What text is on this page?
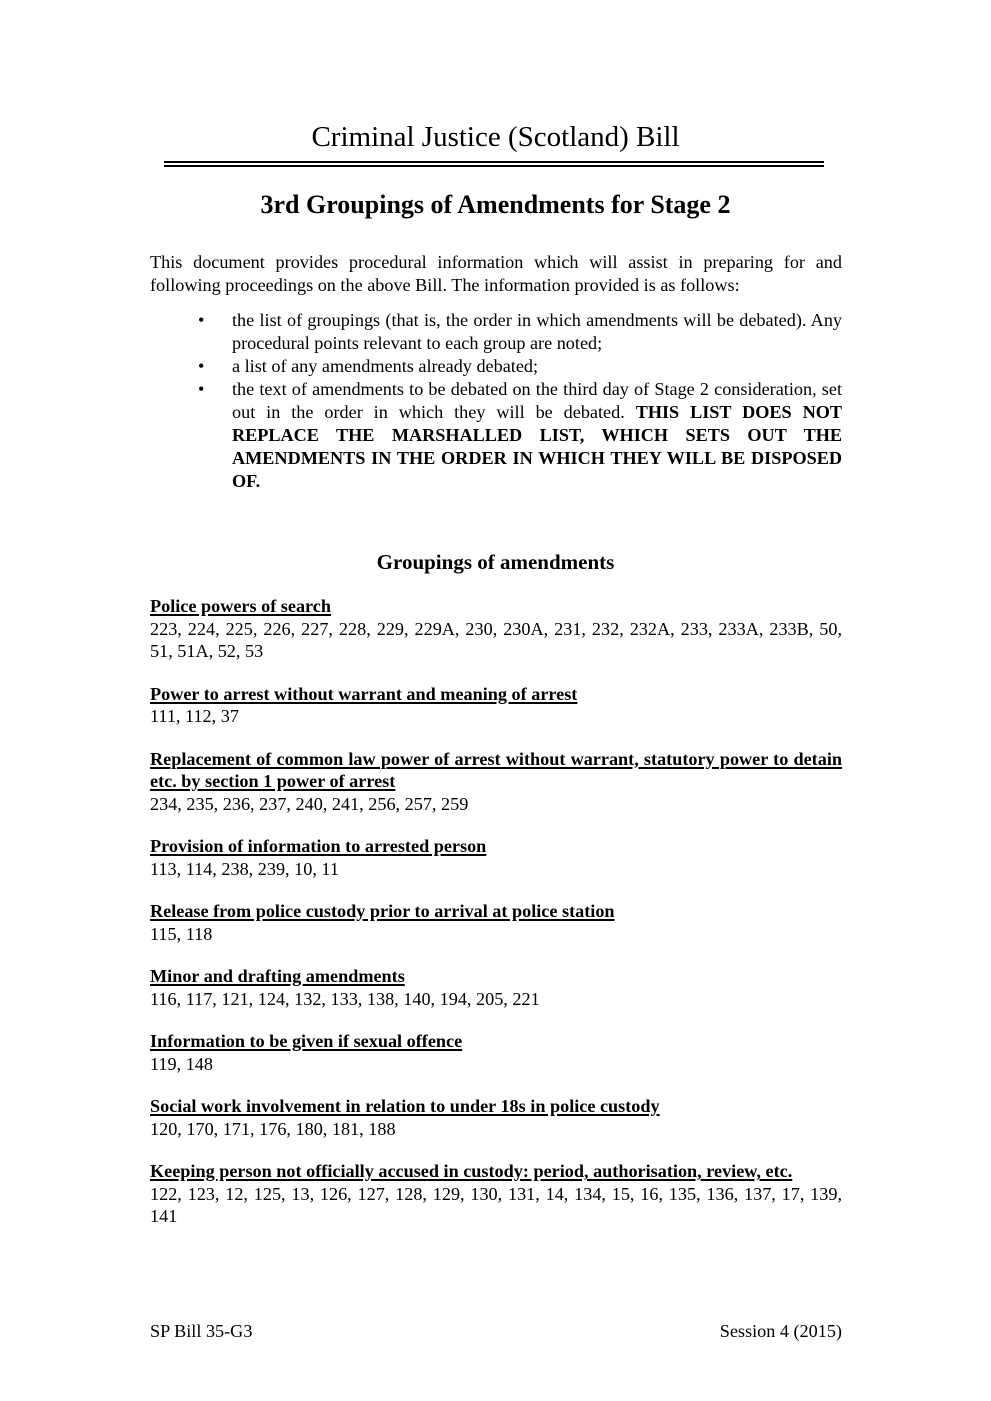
Criminal Justice (Scotland) Bill
3rd Groupings of Amendments for Stage 2
This document provides procedural information which will assist in preparing for and following proceedings on the above Bill. The information provided is as follows:
• the list of groupings (that is, the order in which amendments will be debated). Any procedural points relevant to each group are noted;
• a list of any amendments already debated;
• the text of amendments to be debated on the third day of Stage 2 consideration, set out in the order in which they will be debated. THIS LIST DOES NOT REPLACE THE MARSHALLED LIST, WHICH SETS OUT THE AMENDMENTS IN THE ORDER IN WHICH THEY WILL BE DISPOSED OF.
Groupings of amendments
Police powers of search
223, 224, 225, 226, 227, 228, 229, 229A, 230, 230A, 231, 232, 232A, 233, 233A, 233B, 50, 51, 51A, 52, 53
Power to arrest without warrant and meaning of arrest
111, 112, 37
Replacement of common law power of arrest without warrant, statutory power to detain etc. by section 1 power of arrest
234, 235, 236, 237, 240, 241, 256, 257, 259
Provision of information to arrested person
113, 114, 238, 239, 10, 11
Release from police custody prior to arrival at police station
115, 118
Minor and drafting amendments
116, 117, 121, 124, 132, 133, 138, 140, 194, 205, 221
Information to be given if sexual offence
119, 148
Social work involvement in relation to under 18s in police custody
120, 170, 171, 176, 180, 181, 188
Keeping person not officially accused in custody: period, authorisation, review, etc.
122, 123, 12, 125, 13, 126, 127, 128, 129, 130, 131, 14, 134, 15, 16, 135, 136, 137, 17, 139, 141
SP Bill 35-G3	Session 4 (2015)
